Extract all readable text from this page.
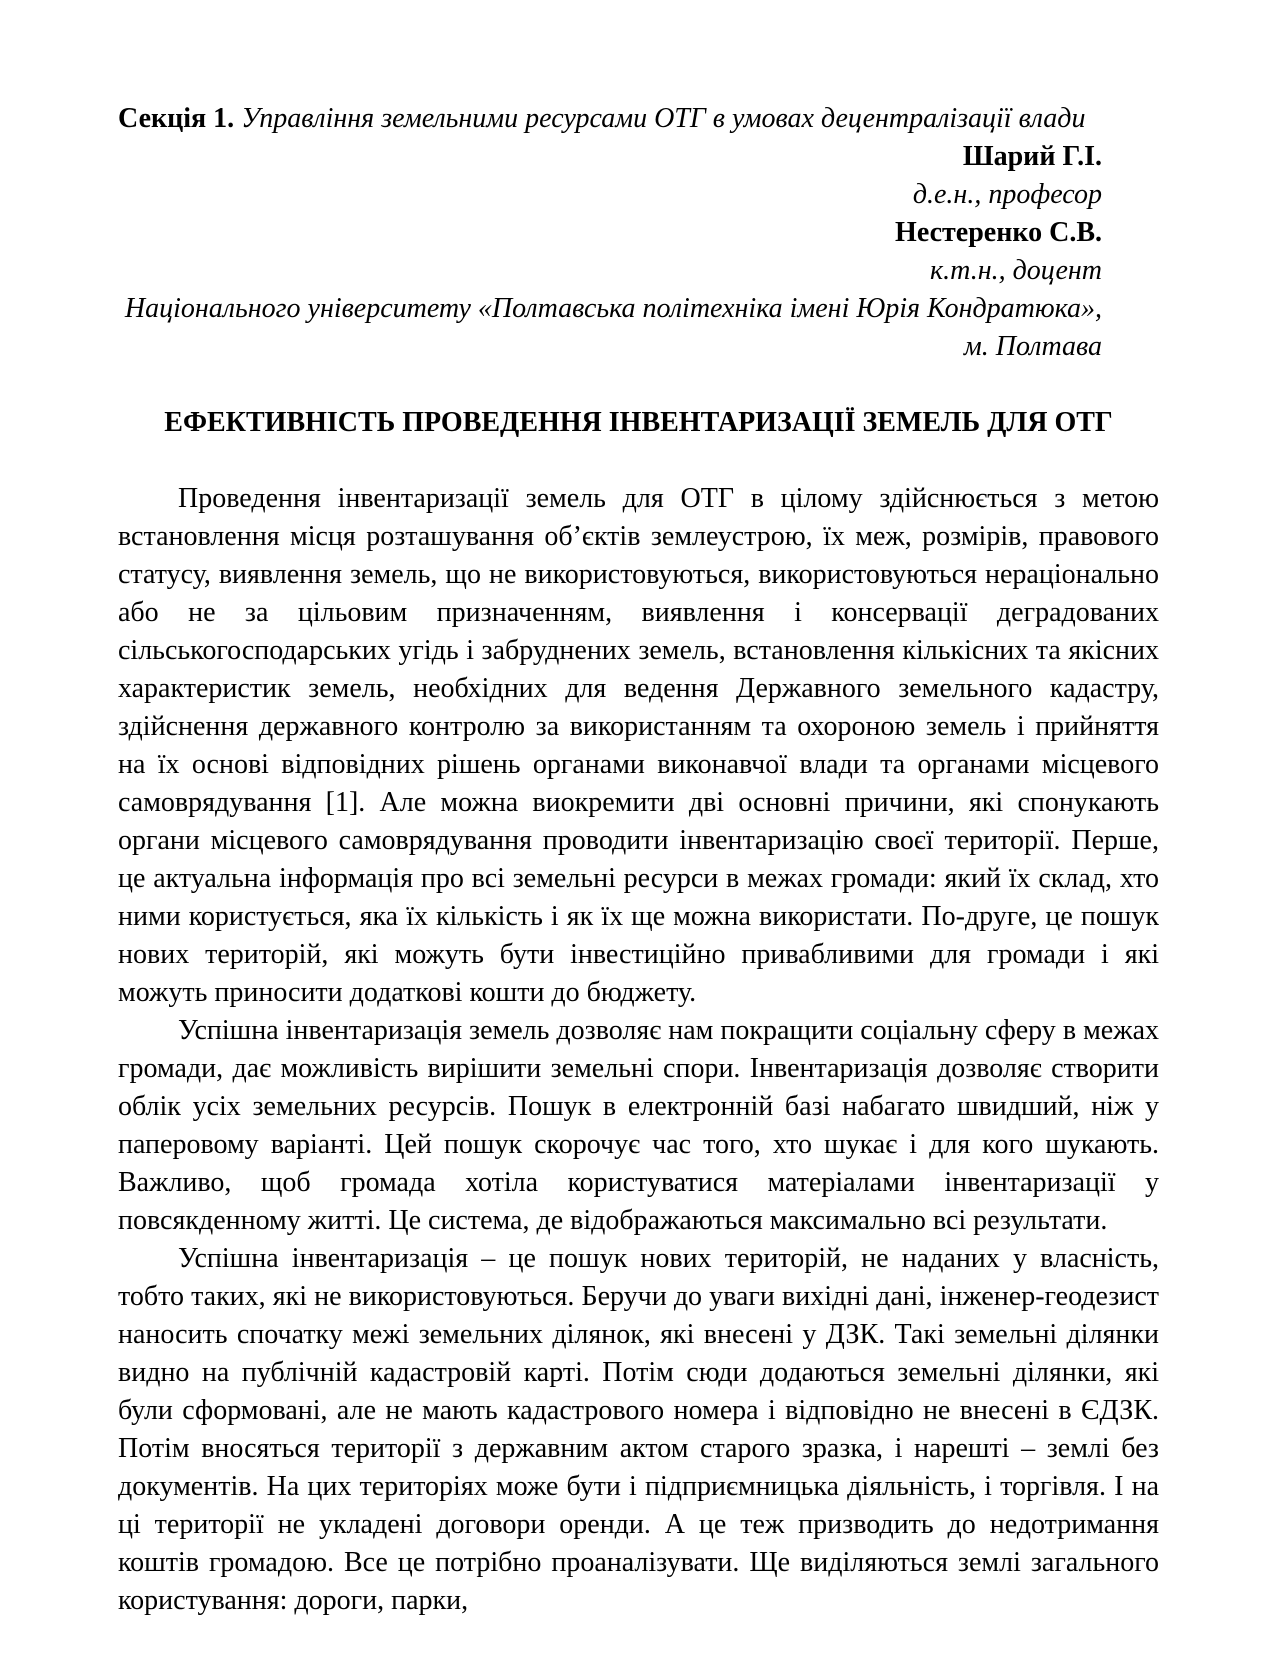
Секція 1. Управління земельними ресурсами ОТГ в умовах децентралізації влади

Шарий Г.І.

д.е.н., професор

Нестеренко С.В.

к.т.н., доцент

Національного університету «Полтавська політехніка імені Юрія Кондратюка»,

м. Полтава

ЕФЕКТИВНІСТЬ ПРОВЕДЕННЯ ІНВЕНТАРИЗАЦІЇ ЗЕМЕЛЬ ДЛЯ ОТГ

Проведення інвентаризації земель для ОТГ в цілому здійснюється з метою встановлення місця розташування об’єктів землеустрою, їх меж, розмірів, правового статусу, виявлення земель, що не використовуються, використовуються нераціонально або не за цільовим призначенням, виявлення і консервації деградованих сільськогосподарських угідь і забруднених земель, встановлення кількісних та якісних характеристик земель, необхідних для ведення Державного земельного кадастру, здійснення державного контролю за використанням та охороною земель і прийняття на їх основі відповідних рішень органами виконавчої влади та органами місцевого самоврядування [1]. Але можна виокремити дві основні причини, які спонукають органи місцевого самоврядування проводити інвентаризацію своєї території. Перше, це актуальна інформація про всі земельні ресурси в межах громади: який їх склад, хто ними користується, яка їх кількість і як їх ще можна використати. По-друге, це пошук нових територій, які можуть бути інвестиційно привабливими для громади і які можуть приносити додаткові кошти до бюджету.

Успішна інвентаризація земель дозволяє нам покращити соціальну сферу в межах громади, дає можливість вирішити земельні спори. Інвентаризація дозволяє створити облік усіх земельних ресурсів. Пошук в електронній базі набагато швидший, ніж у паперовому варіанті. Цей пошук скорочує час того, хто шукає і для кого шукають. Важливо, щоб громада хотіла користуватися матеріалами інвентаризації у повсякденному житті. Це система, де відображаються максимально всі результати.

Успішна інвентаризація – це пошук нових територій, не наданих у власність, тобто таких, які не використовуються. Беручи до уваги вихідні дані, інженер-геодезист наносить спочатку межі земельних ділянок, які внесені у ДЗК. Такі земельні ділянки видно на публічній кадастровій карті. Потім сюди додаються земельні ділянки, які були сформовані, але не мають кадастрового номера і відповідно не внесені в ЄДЗК. Потім вносяться території з державним актом старого зразка, і нарешті – землі без документів. На цих територіях може бути і підприємницька діяльність, і торгівля. І на ці території не укладені договори оренди. А це теж призводить до недотримання коштів громадою. Все це потрібно проаналізувати. Ще виділяються землі загального користування: дороги, парки,
